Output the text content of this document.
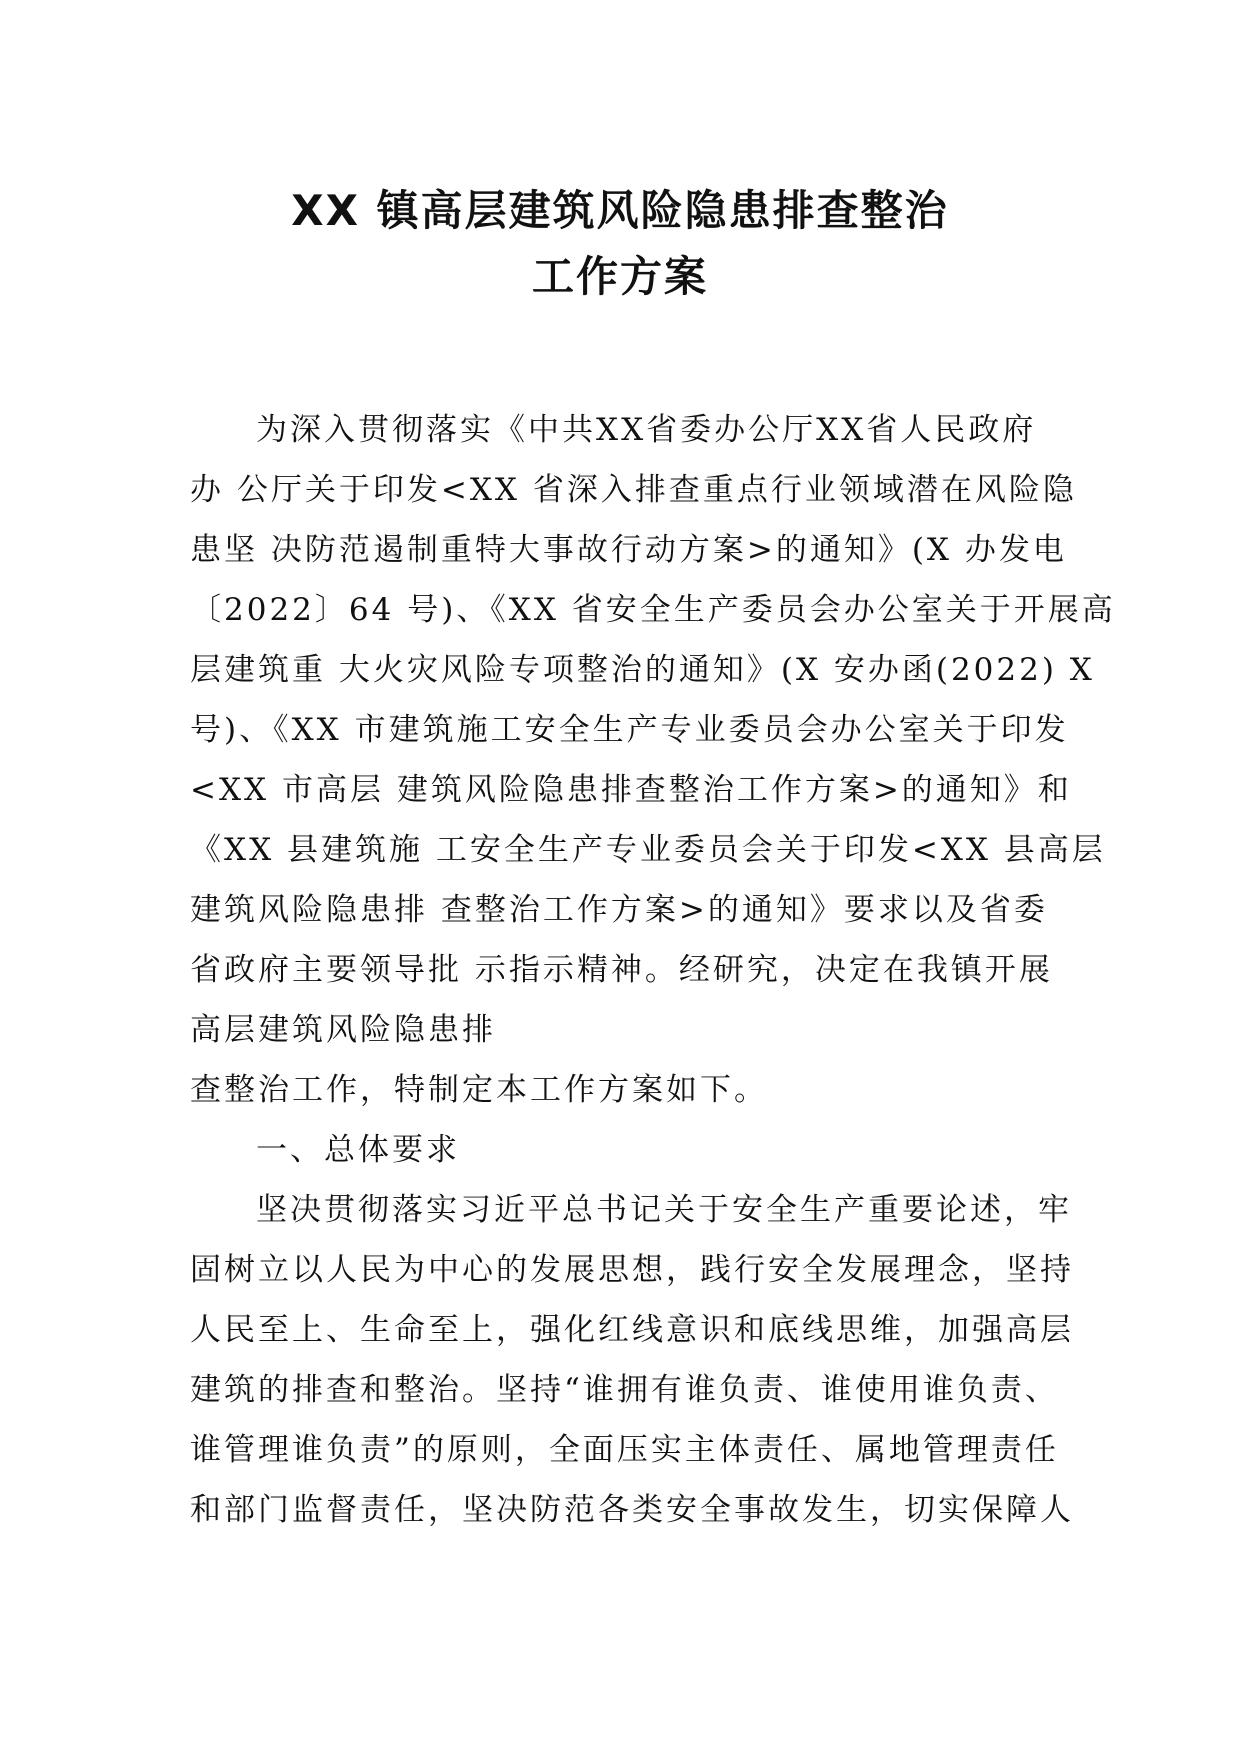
XX 镇高层建筑风险隐患排查整治
工作方案
为深入贯彻落实《中共XX省委办公厅XX省人民政府
办 公厅关于印发<XX 省深入排查重点行业领域潜在风险隐
患坚 决防范遏制重特大事故行动方案>的通知》(X 办发电
〔2022〕64 号)、《XX 省安全生产委员会办公室关于开展高
层建筑重 大火灾风险专项整治的通知》(X 安办函(2022) X
号)、《XX 市建筑施工安全生产专业委员会办公室关于印发
<XX 市高层 建筑风险隐患排查整治工作方案>的通知》和
《XX 县建筑施 工安全生产专业委员会关于印发<XX 县高层
建筑风险隐患排 查整治工作方案>的通知》要求以及省委
省政府主要领导批 示指示精神。经研究，决定在我镇开展
高层建筑风险隐患排
查整治工作，特制定本工作方案如下。
一、总体要求
坚决贯彻落实习近平总书记关于安全生产重要论述，牢
固树立以人民为中心的发展思想，践行安全发展理念，坚持
人民至上、生命至上，强化红线意识和底线思维，加强高层
建筑的排查和整治。坚持“谁拥有谁负责、谁使用谁负责、
谁管理谁负责”的原则，全面压实主体责任、属地管理责任
和部门监督责任，坚决防范各类安全事故发生，切实保障人
